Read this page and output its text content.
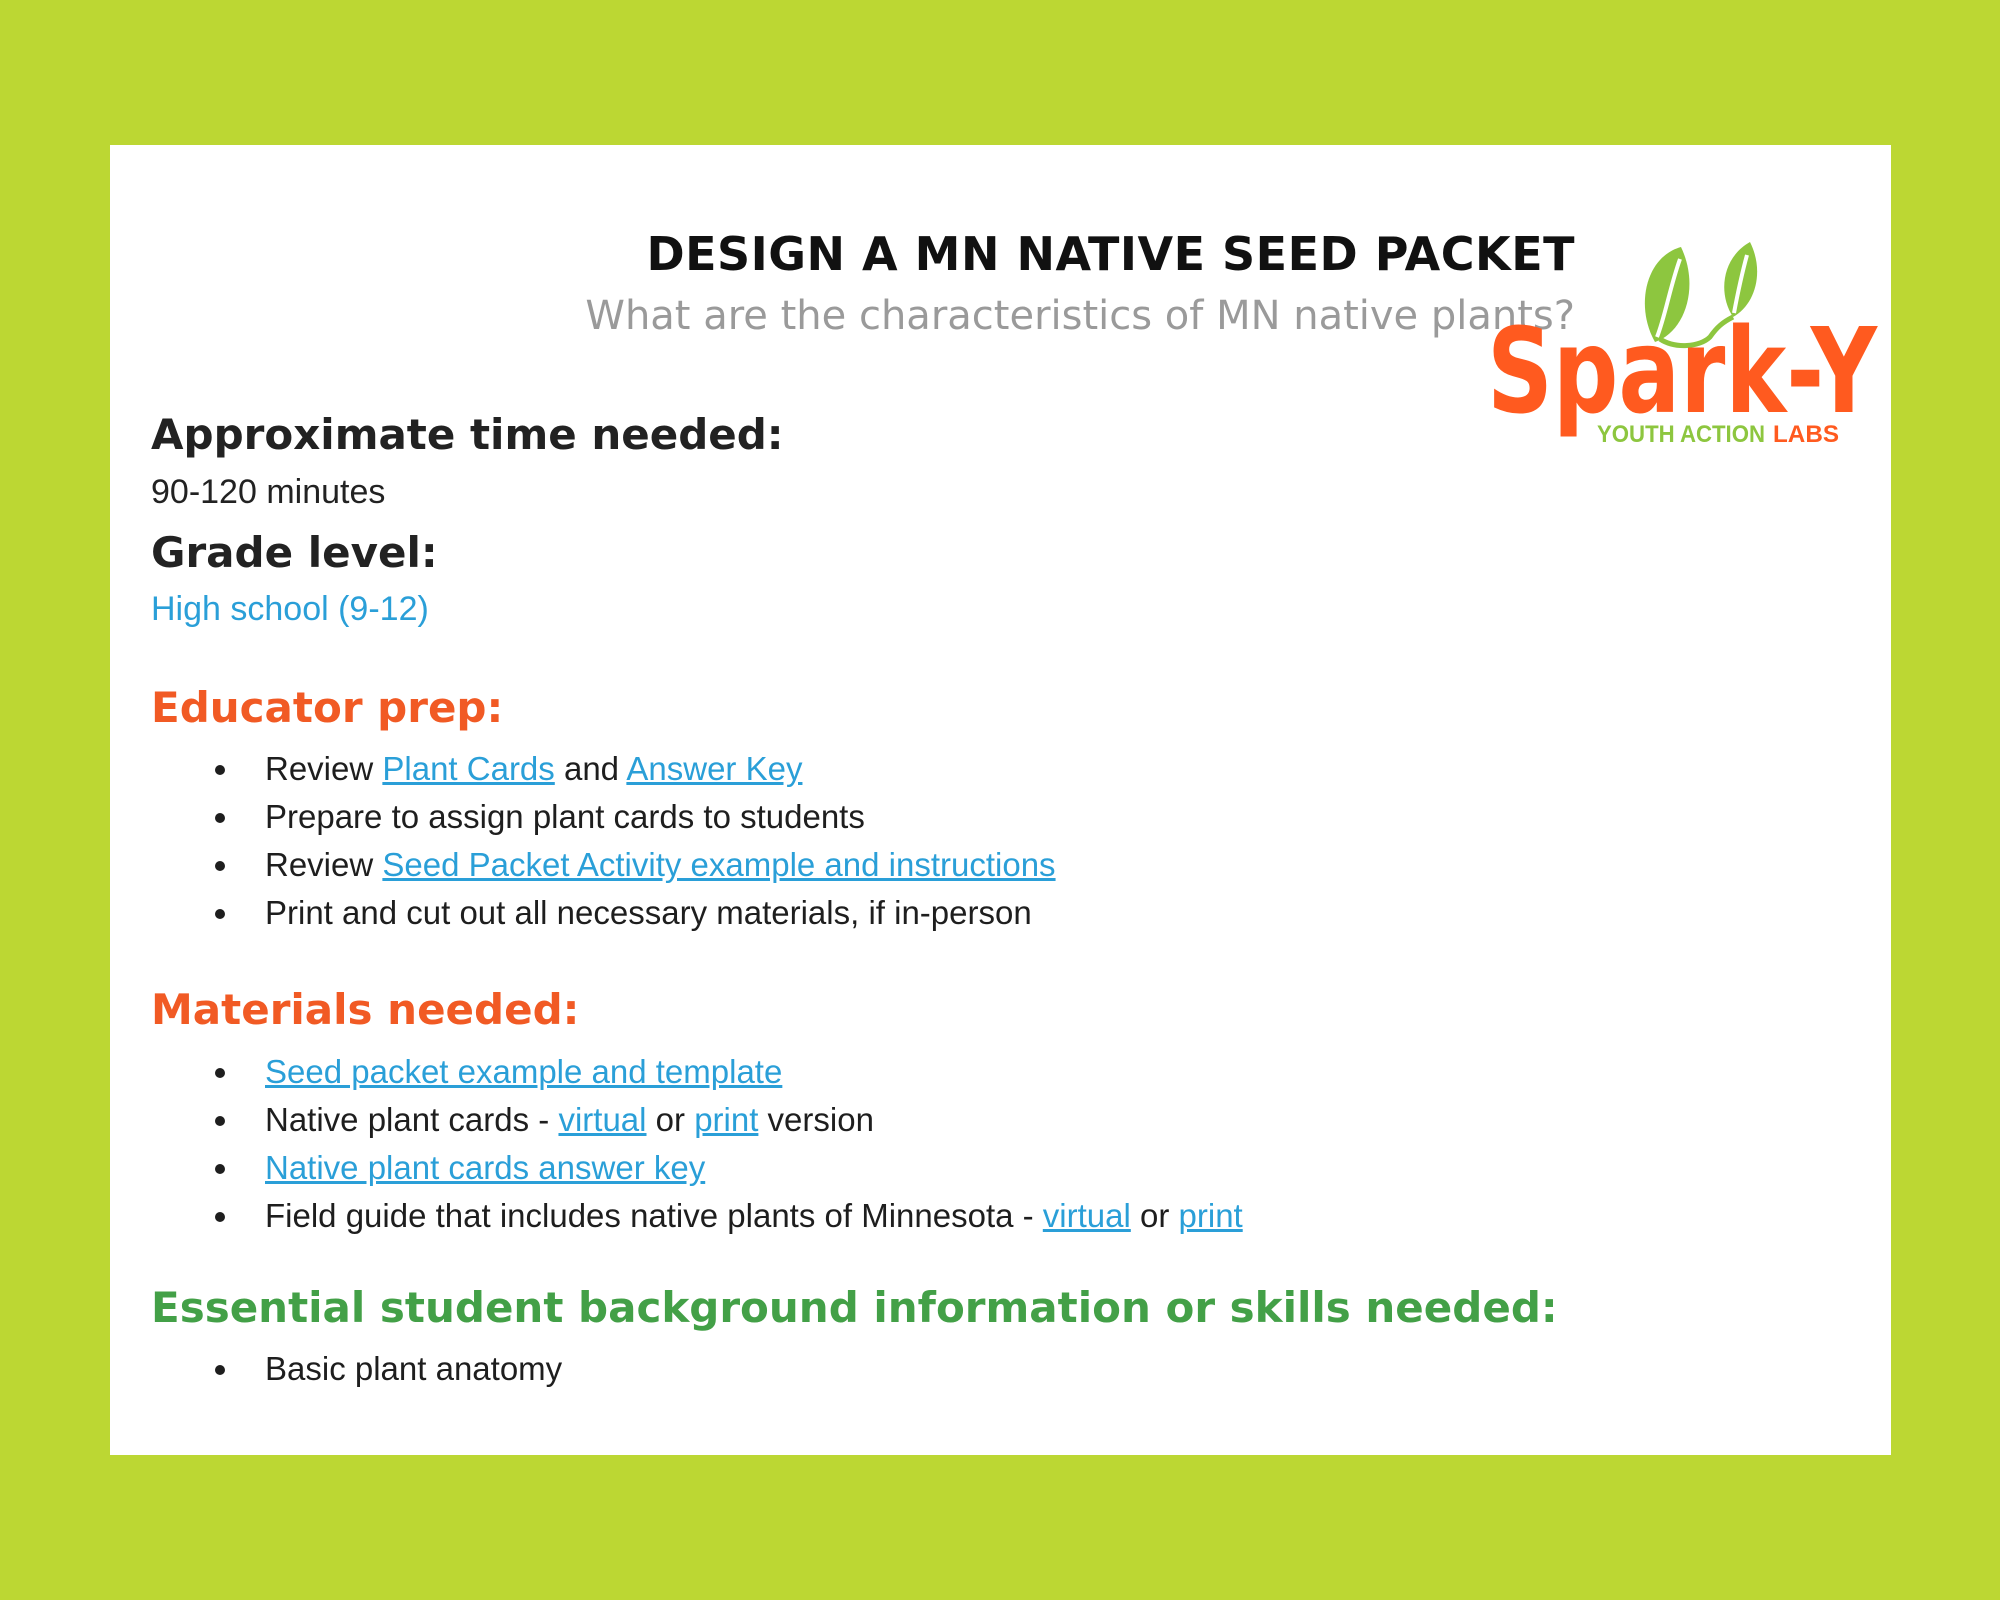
DESIGN A MN NATIVE SEED PACKET
What are the characteristics of MN native plants?
Spark-Y
YOUTH ACTION LABS
Approximate time needed:
90-120 minutes
Grade level:
High school (9-12)
Educator prep:
Review Plant Cards and Answer Key
Prepare to assign plant cards to students
Review Seed Packet Activity example and instructions
Print and cut out all necessary materials, if in-person
Materials needed:
Seed packet example and template
Native plant cards - virtual or print version
Native plant cards answer key
Field guide that includes native plants of Minnesota - virtual or print
Essential student background information or skills needed:
Basic plant anatomy
